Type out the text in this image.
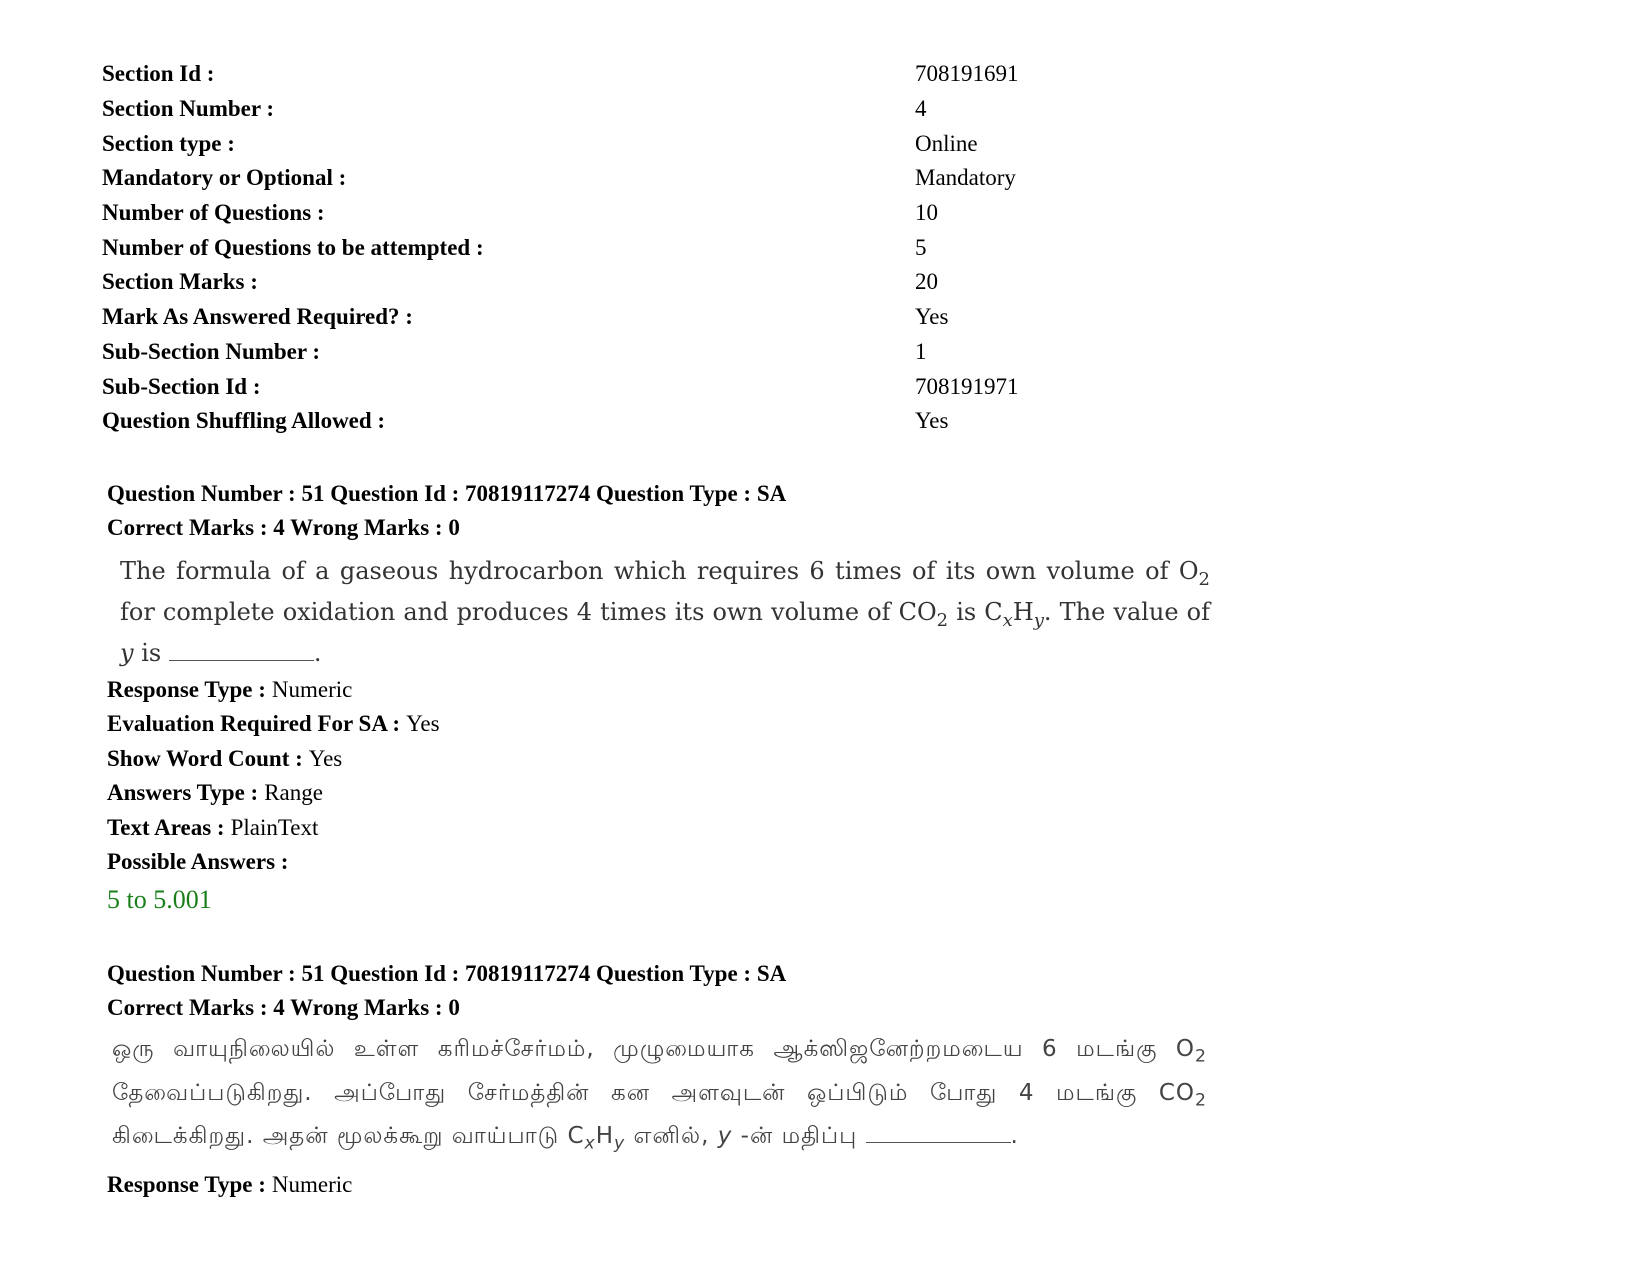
Section Id :	708191691
Section Number :	4
Section type :	Online
Mandatory or Optional :	Mandatory
Number of Questions :	10
Number of Questions to be attempted :	5
Section Marks :	20
Mark As Answered Required? :	Yes
Sub-Section Number :	1
Sub-Section Id :	708191971
Question Shuffling Allowed :	Yes
Question Number : 51 Question Id : 70819117274 Question Type : SA
Correct Marks : 4 Wrong Marks : 0
The formula of a gaseous hydrocarbon which requires 6 times of its own volume of $O_2$ for complete oxidation and produces 4 times its own volume of $CO_2$ is $C_xH_y$. The value of y is	.
Response Type : Numeric
Evaluation Required For SA : Yes
Show Word Count : Yes
Answers Type : Range
Text Areas : PlainText
Possible Answers :
5 to 5.001
Question Number : 51 Question Id : 70819117274 Question Type : SA
Correct Marks : 4 Wrong Marks : 0
ஒரு வாயுநிலையில் உள்ள கரிமச்சேர்மம், முழுமையாக ஆக்ஸிஜனேற்றமடைய 6 மடங்கு $O_2$ தேவைப்படுகிறது. அப்போது சேர்மத்தின் கன அளவுடன் ஒப்பிடும் போது 4 மடங்கு $CO_2$ கிடைக்கிறது. அதன் மூலக்கூறு வாய்பாடு $C_xH_y$ எனில், y -ன் மதிப்பு	.
Response Type : Numeric
